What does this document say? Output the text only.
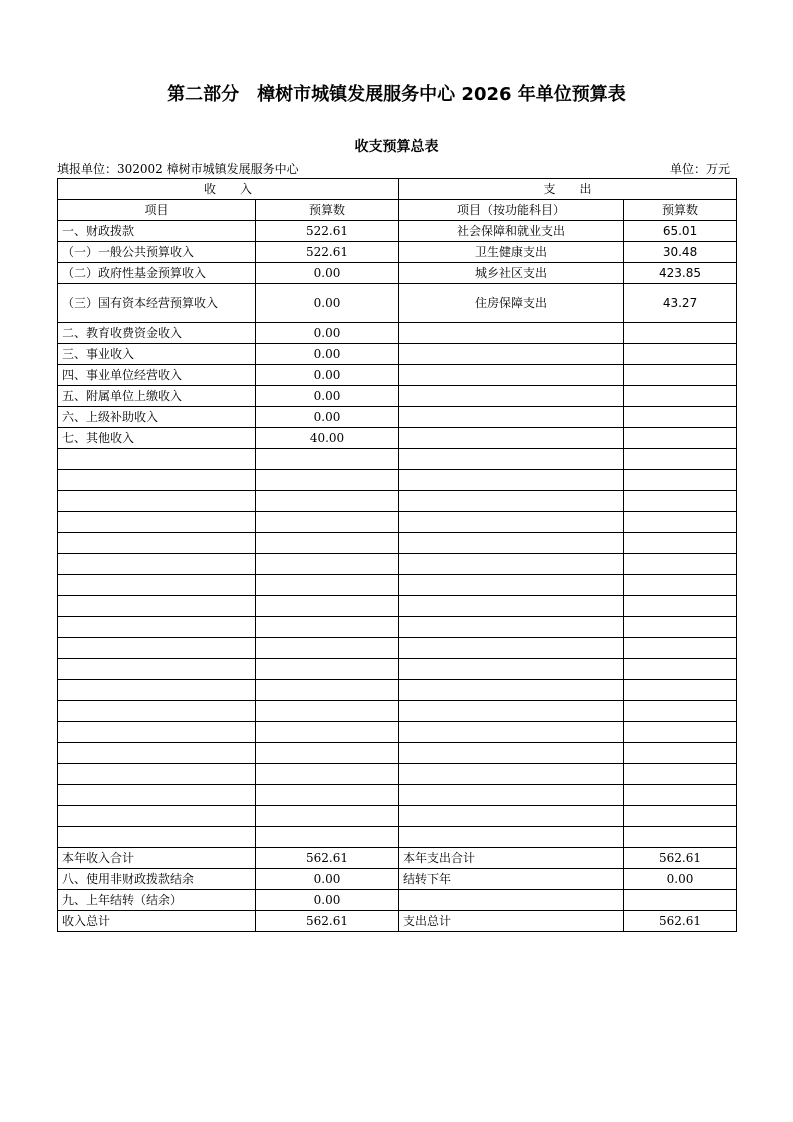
第二部分　樟树市城镇发展服务中心 2026 年单位预算表
收支预算总表
填报单位：302002 樟树市城镇发展服务中心	单位：万元
收　　入		支　　出	
项目	预算数	项目（按功能科目）	预算数
一、财政拨款	522.61	社会保障和就业支出	65.01
（一）一般公共预算收入	522.61	卫生健康支出	30.48
（二）政府性基金预算收入	0.00	城乡社区支出	423.85
（三）国有资本经营预算收入	0.00	住房保障支出	43.27
二、教育收费资金收入	0.00		
三、事业收入	0.00		
四、事业单位经营收入	0.00		
五、附属单位上缴收入	0.00		
六、上级补助收入	0.00		
七、其他收入	40.00		

本年收入合计	562.61	本年支出合计	562.61
八、使用非财政拨款结余	0.00	结转下年	0.00
九、上年结转（结余）	0.00		
收入总计	562.61	支出总计	562.61
